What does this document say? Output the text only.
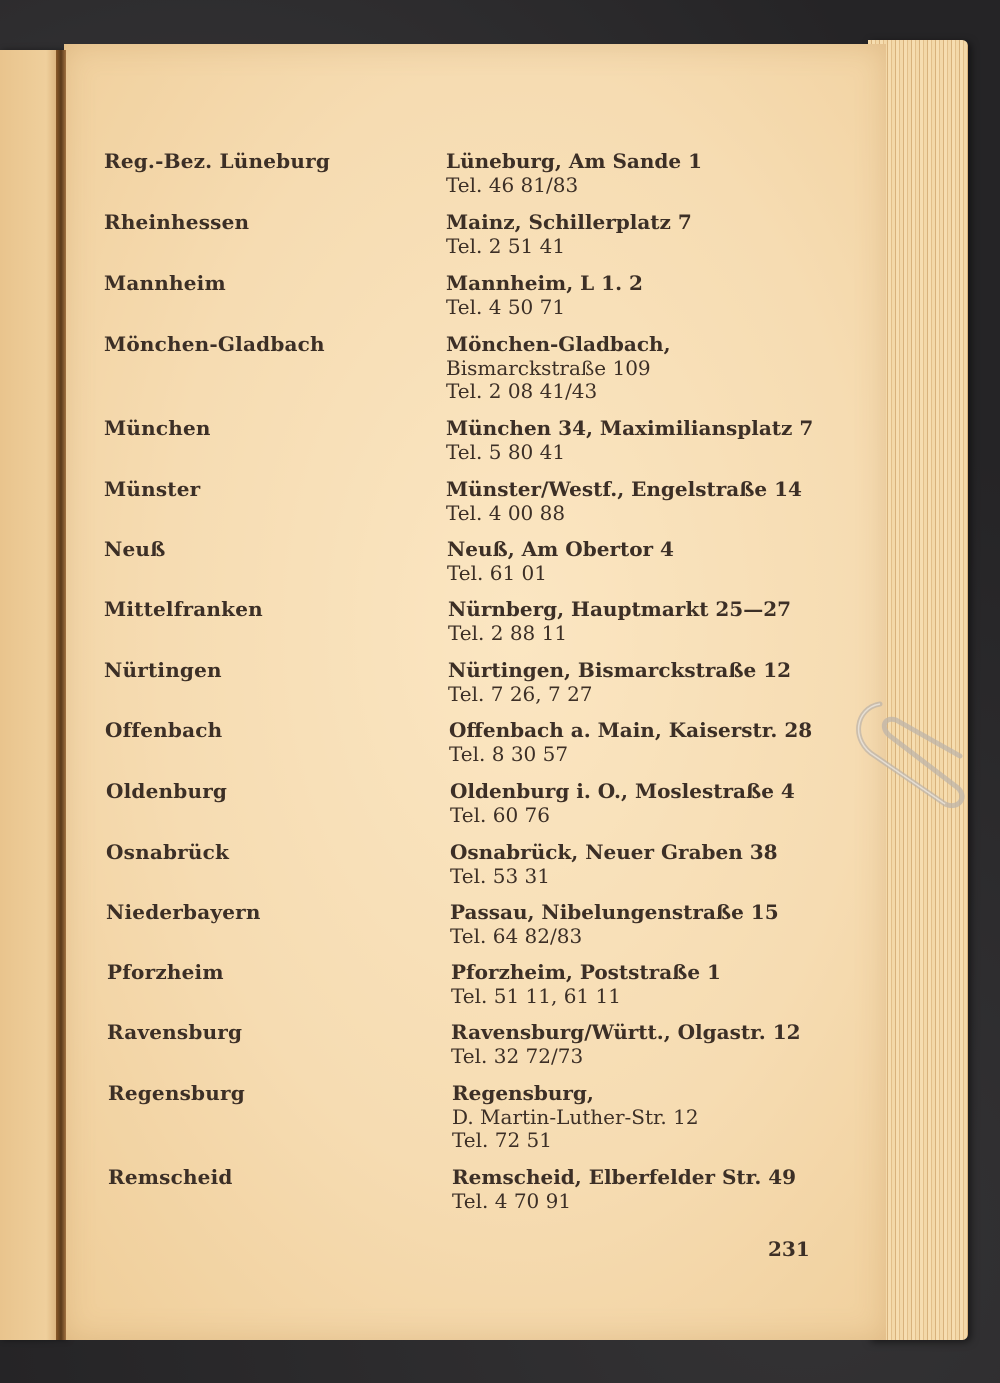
Reg.-Bez. Lüneburg	Lüneburg, Am Sande 1
Tel. 46 81/83
Rheinhessen	Mainz, Schillerplatz 7
Tel. 2 51 41
Mannheim	Mannheim, L 1. 2
Tel. 4 50 71
Mönchen-Gladbach	Mönchen-Gladbach,
Bismarckstraße 109
Tel. 2 08 41/43
München	München 34, Maximiliansplatz 7
Tel. 5 80 41
Münster	Münster/Westf., Engelstraße 14
Tel. 4 00 88
Neuß	Neuß, Am Obertor 4
Tel. 61 01
Mittelfranken	Nürnberg, Hauptmarkt 25—27
Tel. 2 88 11
Nürtingen	Nürtingen, Bismarckstraße 12
Tel. 7 26, 7 27
Offenbach	Offenbach a. Main, Kaiserstr. 28
Tel. 8 30 57
Oldenburg	Oldenburg i. O., Moslestraße 4
Tel. 60 76
Osnabrück	Osnabrück, Neuer Graben 38
Tel. 53 31
Niederbayern	Passau, Nibelungenstraße 15
Tel. 64 82/83
Pforzheim	Pforzheim, Poststraße 1
Tel. 51 11, 61 11
Ravensburg	Ravensburg/Württ., Olgastr. 12
Tel. 32 72/73
Regensburg	Regensburg,
D. Martin-Luther-Str. 12
Tel. 72 51
Remscheid	Remscheid, Elberfelder Str. 49
Tel. 4 70 91
231
